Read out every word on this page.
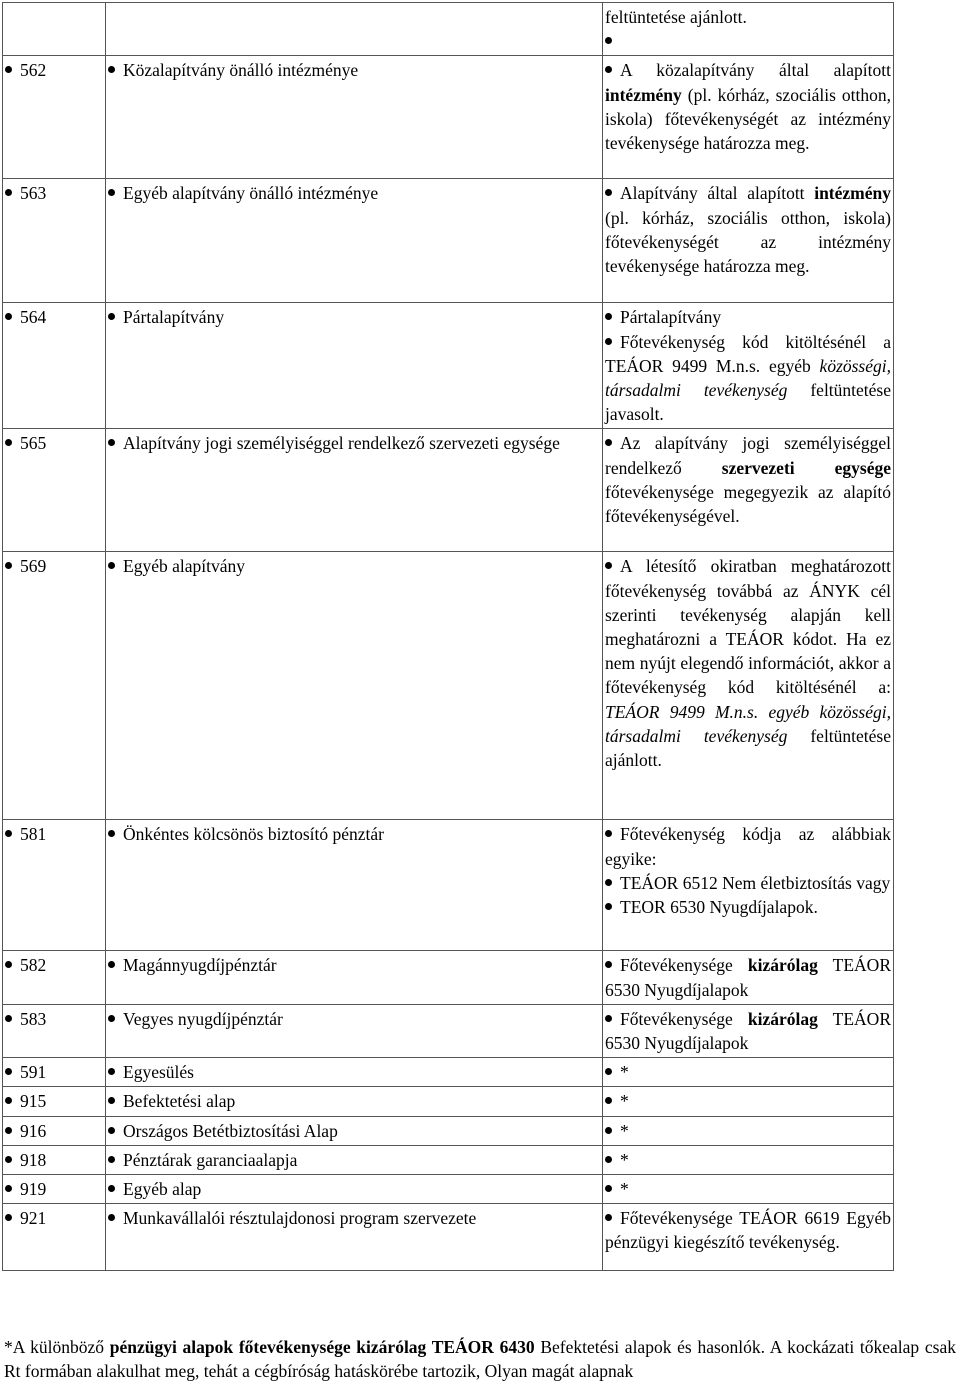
		feltüntetése ajánlott.

562	Közalapítvány önálló intézménye	A közalapítvány által alapított intézmény (pl. kórház, szociális otthon, iskola) főtevékenységét az intézmény tevékenysége határozza meg.

563	Egyéb alapítvány önálló intézménye	Alapítvány által alapított intézmény (pl. kórház, szociális otthon, iskola) főtevékenységét az intézmény tevékenysége határozza meg.

564	Pártalapítvány	Pártalapítvány
Főtevékenység kód kitöltésénél a TEÁOR 9499 M.n.s. egyéb közösségi, társadalmi tevékenység feltüntetése javasolt.

565	Alapítvány jogi személyiséggel rendelkező szervezeti egysége	Az alapítvány jogi személyiséggel rendelkező szervezeti egysége főtevékenysége megegyezik az alapító főtevékenységével.

569	Egyéb alapítvány	A létesítő okiratban meghatározott főtevékenység továbbá az ÁNYK cél szerinti tevékenység alapján kell meghatározni a TEÁOR kódot. Ha ez nem nyújt elegendő információt, akkor a főtevékenység kód kitöltésénél a: TEÁOR 9499 M.n.s. egyéb közösségi, társadalmi tevékenység feltüntetése ajánlott.

581	Önkéntes kölcsönös biztosító pénztár	Főtevékenység kódja az alábbiak egyike:
TEÁOR 6512 Nem életbiztosítás vagy
TEOR 6530 Nyugdíjalapok.

582	Magánnyugdíjpénztár	Főtevékenysége kizárólag TEÁOR 6530 Nyugdíjalapok

583	Vegyes nyugdíjpénztár	Főtevékenysége kizárólag TEÁOR 6530 Nyugdíjalapok

591	Egyesülés	*

915	Befektetési alap	*

916	Országos Betétbiztosítási Alap	*

918	Pénztárak garanciaalapja	*

919	Egyéb alap	*

921	Munkavállalói résztulajdonosi program szervezete	Főtevékenysége TEÁOR 6619 Egyéb pénzügyi kiegészítő tevékenység.

*A különböző pénzügyi alapok főtevékenysége kizárólag TEÁOR 6430 Befektetési alapok és hasonlók. A kockázati tőkealap csak Rt formában alakulhat meg, tehát a cégbíróság hatáskörébe tartozik, Olyan magát alapnak
